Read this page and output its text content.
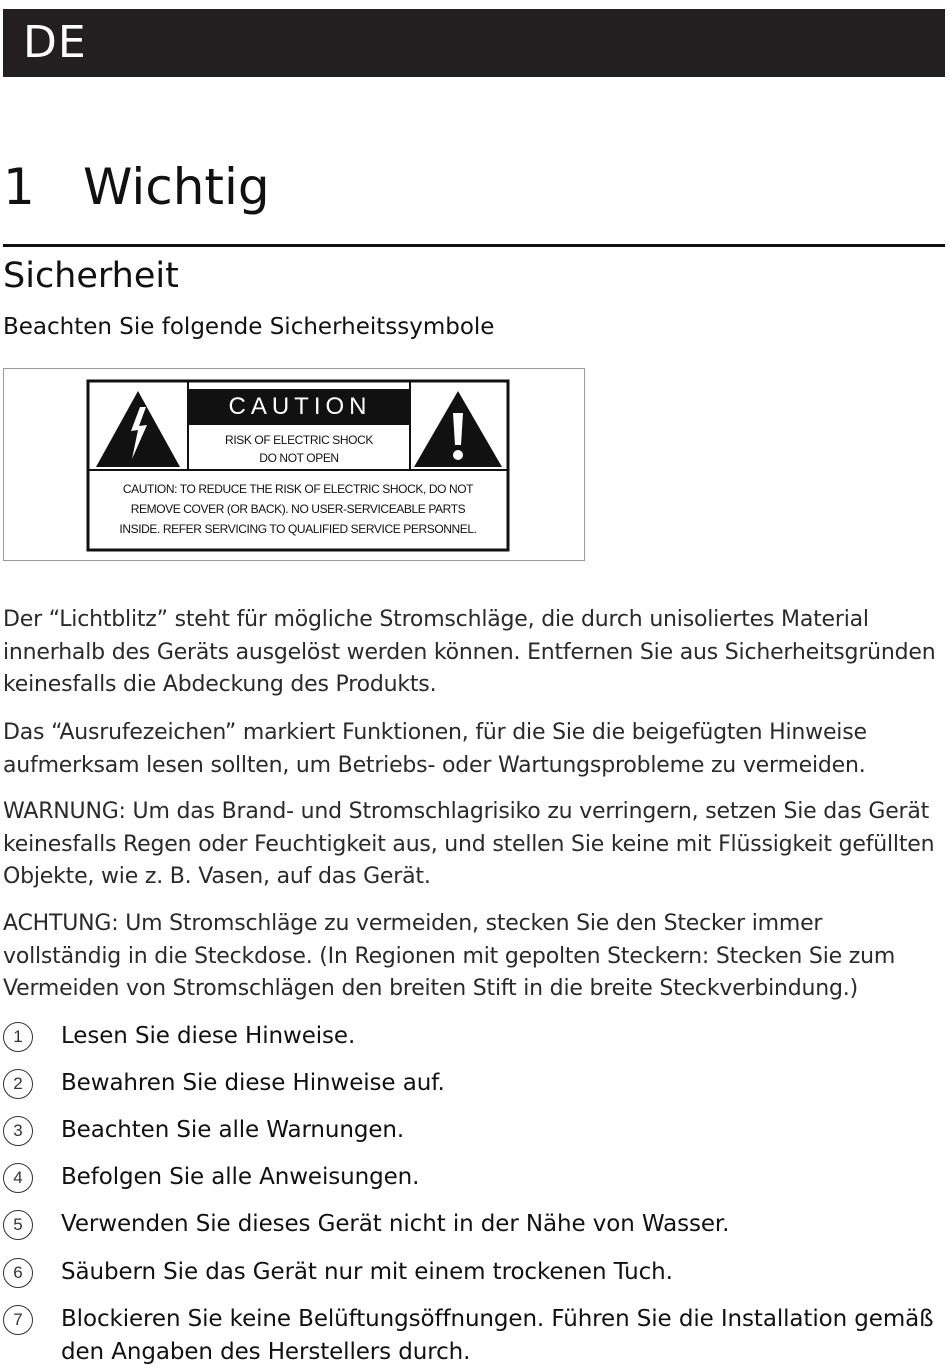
DE
1 Wichtig
Sicherheit
Beachten Sie folgende Sicherheitssymbole
CAUTION
RISK OF ELECTRIC SHOCK
DO NOT OPEN
CAUTION: TO REDUCE THE RISK OF ELECTRIC SHOCK, DO NOT
REMOVE COVER (OR BACK). NO USER-SERVICEABLE PARTS
INSIDE. REFER SERVICING TO QUALIFIED SERVICE PERSONNEL.
Der “Lichtblitz” steht für mögliche Stromschläge, die durch unisoliertes Material innerhalb des Geräts ausgelöst werden können. Entfernen Sie aus Sicherheitsgründen keinesfalls die Abdeckung des Produkts.
Das “Ausrufezeichen” markiert Funktionen, für die Sie die beigefügten Hinweise aufmerksam lesen sollten, um Betriebs- oder Wartungsprobleme zu vermeiden.
WARNUNG: Um das Brand- und Stromschlagrisiko zu verringern, setzen Sie das Gerät keinesfalls Regen oder Feuchtigkeit aus, und stellen Sie keine mit Flüssigkeit gefüllten Objekte, wie z. B. Vasen, auf das Gerät.
ACHTUNG: Um Stromschläge zu vermeiden, stecken Sie den Stecker immer vollständig in die Steckdose. (In Regionen mit gepolten Steckern: Stecken Sie zum Vermeiden von Stromschlägen den breiten Stift in die breite Steckverbindung.)
1	Lesen Sie diese Hinweise.
2	Bewahren Sie diese Hinweise auf.
3	Beachten Sie alle Warnungen.
4	Befolgen Sie alle Anweisungen.
5	Verwenden Sie dieses Gerät nicht in der Nähe von Wasser.
6	Säubern Sie das Gerät nur mit einem trockenen Tuch.
7	Blockieren Sie keine Belüftungsöffnungen. Führen Sie die Installation gemäß den Angaben des Herstellers durch.
